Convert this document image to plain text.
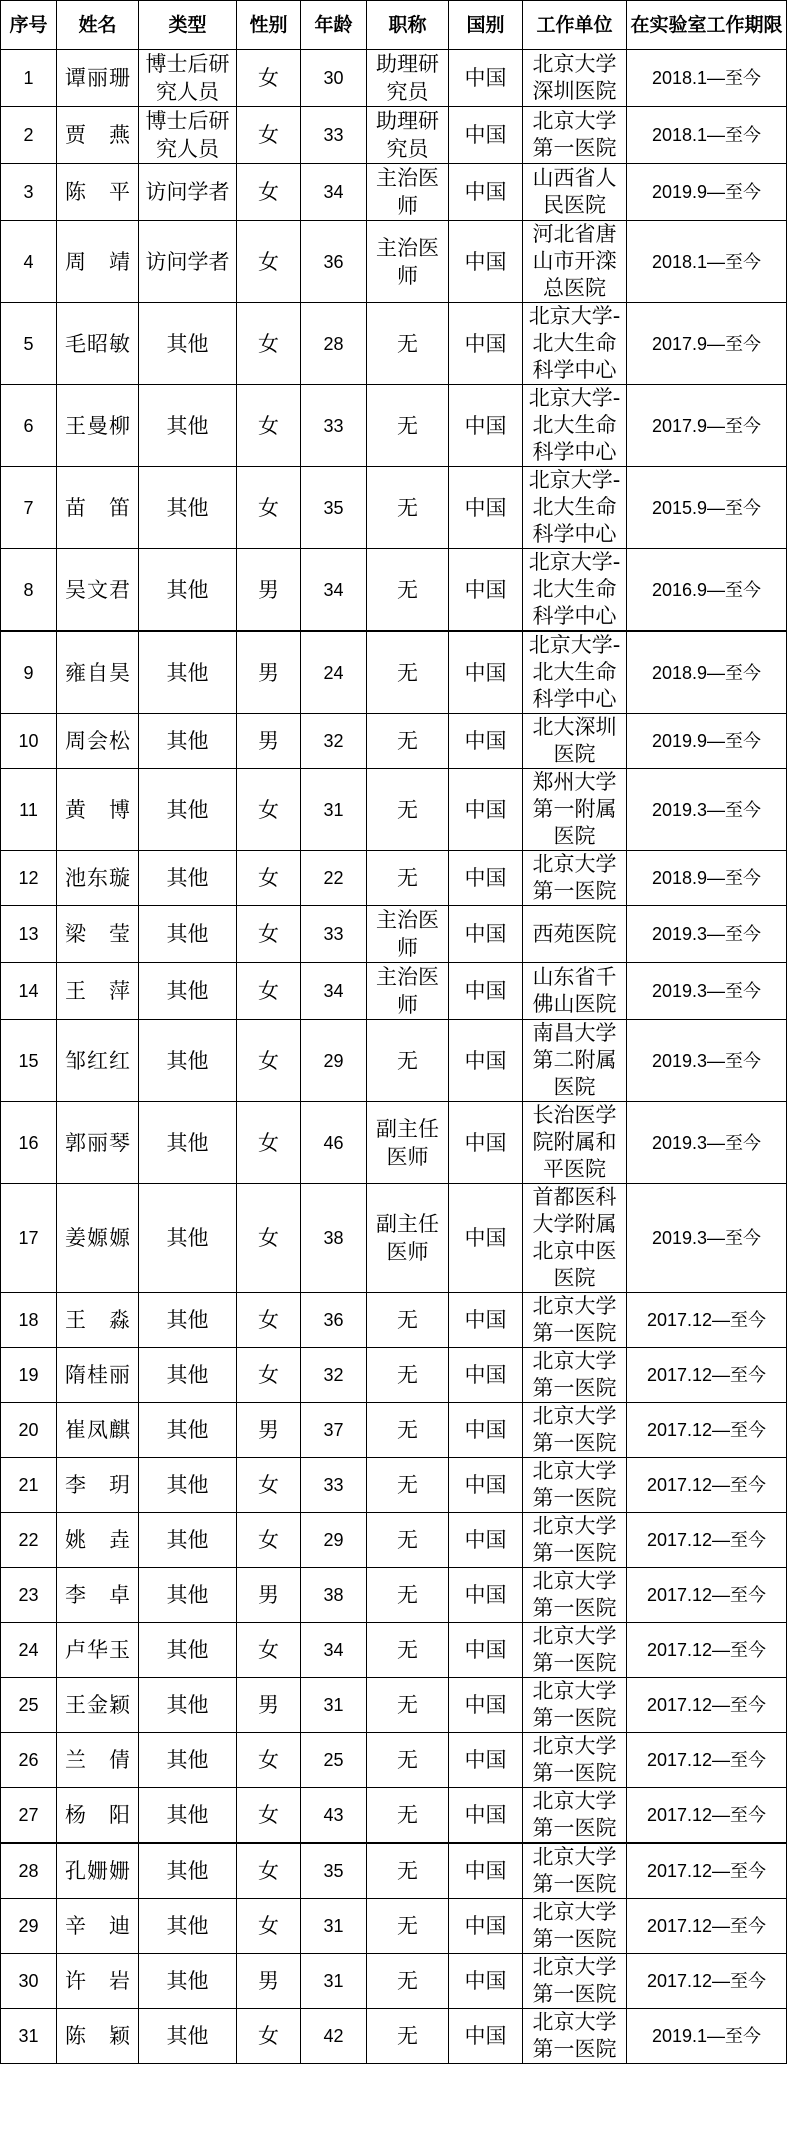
序号	姓名	类型	性别	年龄	职称	国别	工作单位	在实验室工作期限
1	谭丽珊	博士后研究人员	女	30	助理研究员	中国	北京大学深圳医院	2018.1—至今
2	贾 燕	博士后研究人员	女	33	助理研究员	中国	北京大学第一医院	2018.1—至今
3	陈 平	访问学者	女	34	主治医师	中国	山西省人民医院	2019.9—至今
4	周 靖	访问学者	女	36	主治医师	中国	河北省唐山市开滦总医院	2018.1—至今
5	毛昭敏	其他	女	28	无	中国	北京大学-北大生命科学中心	2017.9—至今
6	王曼柳	其他	女	33	无	中国	北京大学-北大生命科学中心	2017.9—至今
7	苗 笛	其他	女	35	无	中国	北京大学-北大生命科学中心	2015.9—至今
8	吴文君	其他	男	34	无	中国	北京大学-北大生命科学中心	2016.9—至今
9	雍自昊	其他	男	24	无	中国	北京大学-北大生命科学中心	2018.9—至今
10	周会松	其他	男	32	无	中国	北大深圳医院	2019.9—至今
11	黄 博	其他	女	31	无	中国	郑州大学第一附属医院	2019.3—至今
12	池东璇	其他	女	22	无	中国	北京大学第一医院	2018.9—至今
13	梁 莹	其他	女	33	主治医师	中国	西苑医院	2019.3—至今
14	王 萍	其他	女	34	主治医师	中国	山东省千佛山医院	2019.3—至今
15	邹红红	其他	女	29	无	中国	南昌大学第二附属医院	2019.3—至今
16	郭丽琴	其他	女	46	副主任医师	中国	长治医学院附属和平医院	2019.3—至今
17	姜嫄嫄	其他	女	38	副主任医师	中国	首都医科大学附属北京中医医院	2019.3—至今
18	王 淼	其他	女	36	无	中国	北京大学第一医院	2017.12—至今
19	隋桂丽	其他	女	32	无	中国	北京大学第一医院	2017.12—至今
20	崔凤麒	其他	男	37	无	中国	北京大学第一医院	2017.12—至今
21	李 玥	其他	女	33	无	中国	北京大学第一医院	2017.12—至今
22	姚 垚	其他	女	29	无	中国	北京大学第一医院	2017.12—至今
23	李 卓	其他	男	38	无	中国	北京大学第一医院	2017.12—至今
24	卢华玉	其他	女	34	无	中国	北京大学第一医院	2017.12—至今
25	王金颖	其他	男	31	无	中国	北京大学第一医院	2017.12—至今
26	兰 倩	其他	女	25	无	中国	北京大学第一医院	2017.12—至今
27	杨 阳	其他	女	43	无	中国	北京大学第一医院	2017.12—至今
28	孔姗姗	其他	女	35	无	中国	北京大学第一医院	2017.12—至今
29	辛 迪	其他	女	31	无	中国	北京大学第一医院	2017.12—至今
30	许 岩	其他	男	31	无	中国	北京大学第一医院	2017.12—至今
31	陈 颖	其他	女	42	无	中国	北京大学第一医院	2019.1—至今
